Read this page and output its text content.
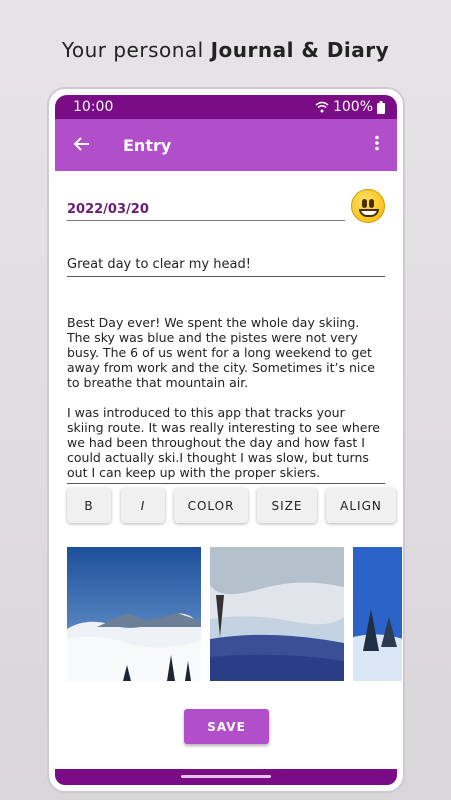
Your personal Journal & Diary
10:00	100%
Entry
2022/03/20
Great day to clear my head!
Best Day ever! We spent the whole day skiing. The sky was blue and the pistes were not very busy. The 6 of us went for a long weekend to get away from work and the city. Sometimes it’s nice to breathe that mountain air.

I was introduced to this app that tracks your skiing route. It was really interesting to see where we had been throughout the day and how fast I could actually ski.I thought I was slow, but turns out I can keep up with the proper skiers.
B	I	COLOR	SIZE	ALIGN
SAVE
